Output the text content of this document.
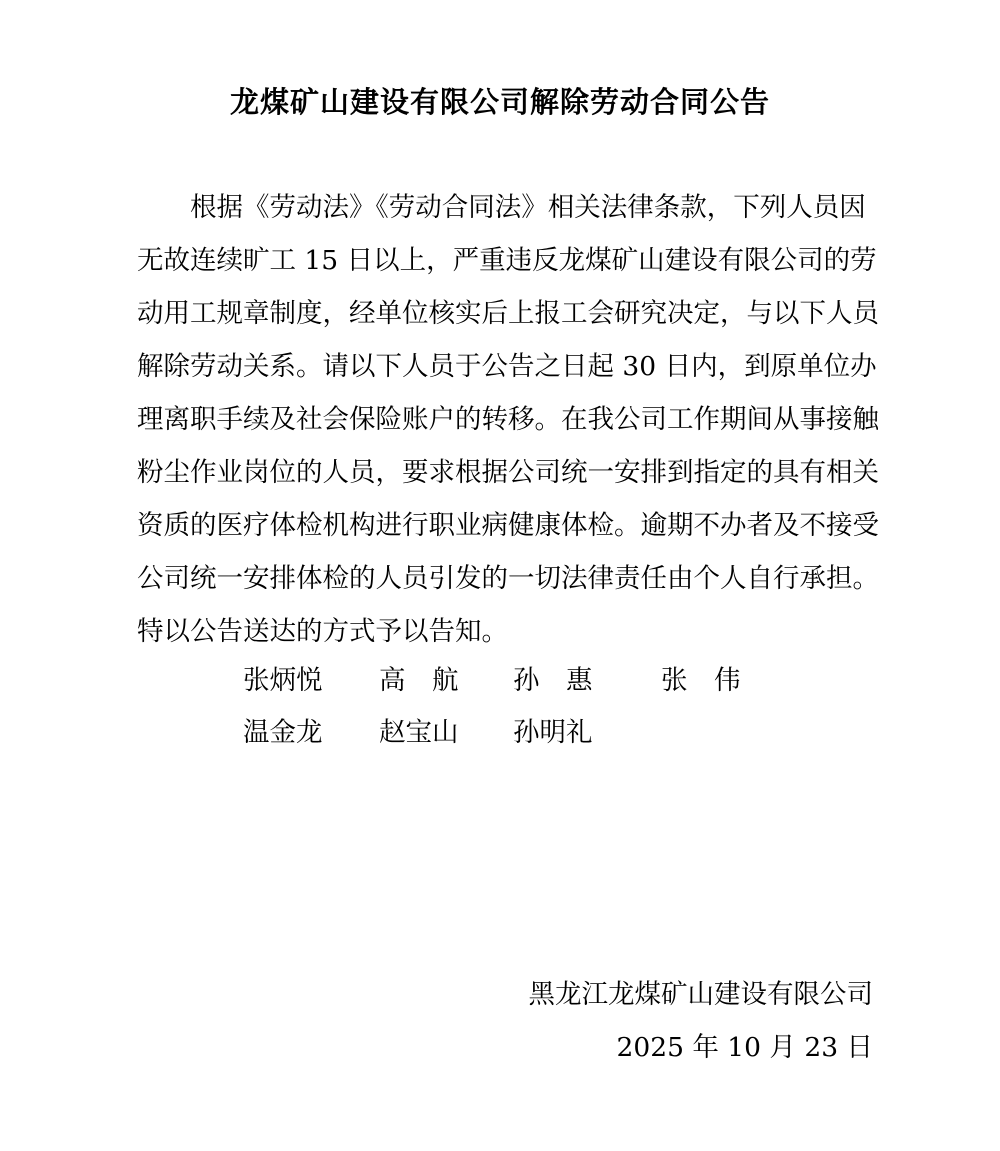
龙煤矿山建设有限公司解除劳动合同公告
根据《劳动法》《劳动合同法》相关法律条款，下列人员因
无故连续旷工 15 日以上，严重违反龙煤矿山建设有限公司的劳
动用工规章制度，经单位核实后上报工会研究决定，与以下人员
解除劳动关系。请以下人员于公告之日起 30 日内，到原单位办
理离职手续及社会保险账户的转移。在我公司工作期间从事接触
粉尘作业岗位的人员，要求根据公司统一安排到指定的具有相关
资质的医疗体检机构进行职业病健康体检。逾期不办者及不接受
公司统一安排体检的人员引发的一切法律责任由个人自行承担。
特以公告送达的方式予以告知。
张炳悦 高　航 孙　惠	张　伟
温金龙 赵宝山 孙明礼
黑龙江龙煤矿山建设有限公司
2025 年 10 月 23 日
